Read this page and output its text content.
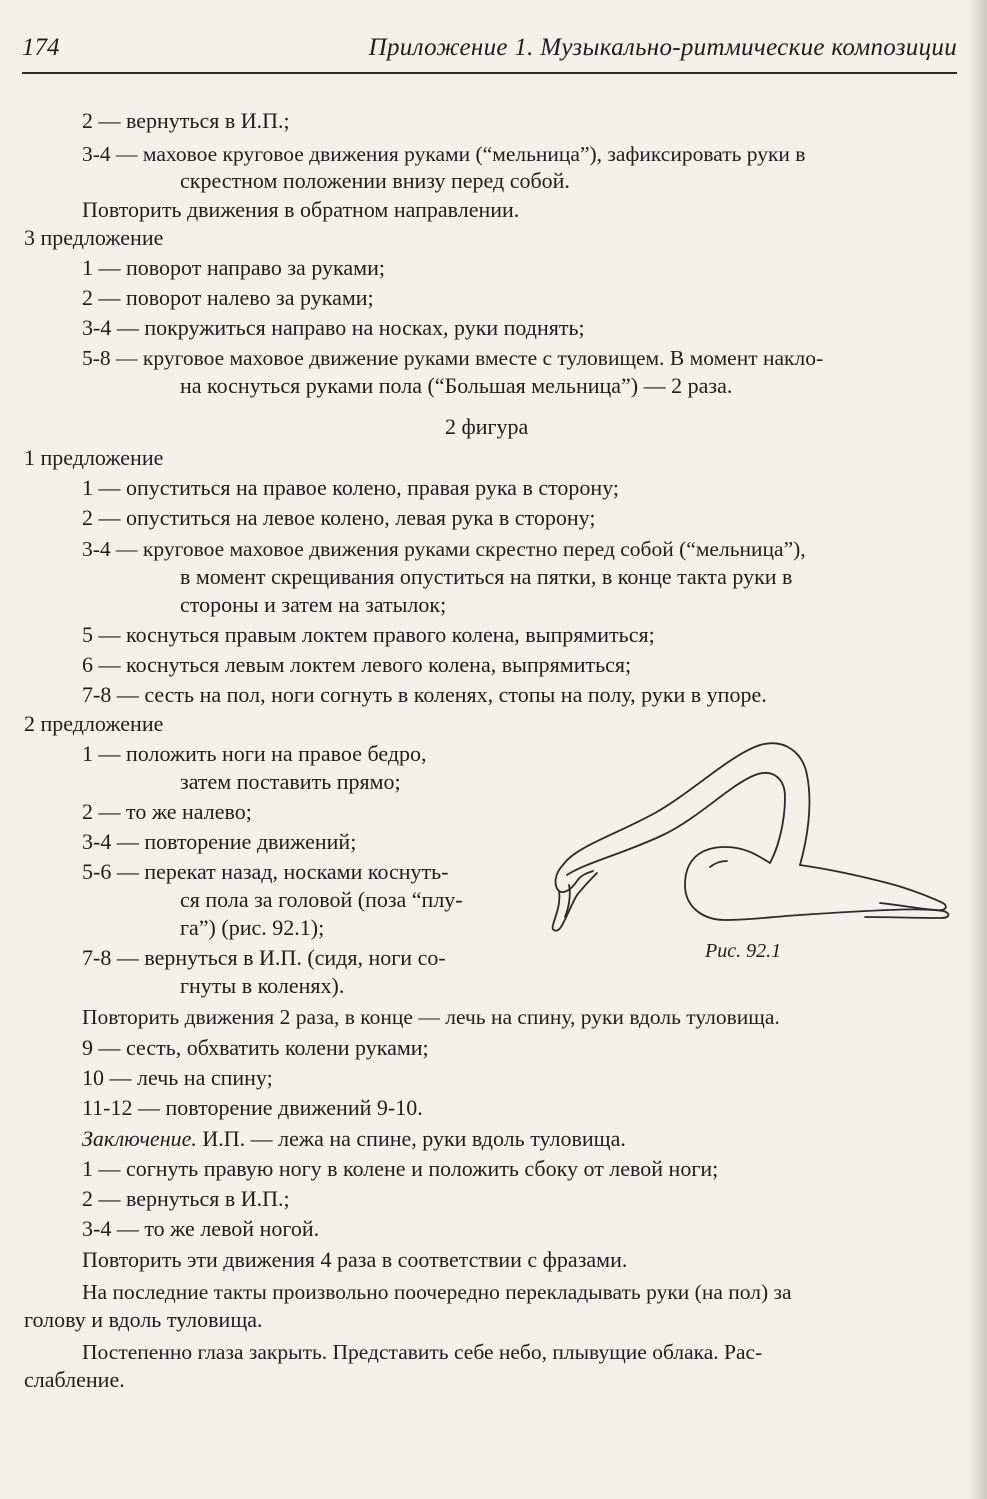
174	Приложение 1. Музыкально-ритмические композиции
2 — вернуться в И.П.;
3-4 — маховое круговое движения руками (“мельница”), зафиксировать руки в
скрестном положении внизу перед собой.
Повторить движения в обратном направлении.
3 предложение
1 — поворот направо за руками;
2 — поворот налево за руками;
3-4 — покружиться направо на носках, руки поднять;
5-8 — круговое маховое движение руками вместе с туловищем. В момент накло-
на коснуться руками пола (“Большая мельница”) — 2 раза.
2 фигура
1 предложение
1 — опуститься на правое колено, правая рука в сторону;
2 — опуститься на левое колено, левая рука в сторону;
3-4 — круговое маховое движения руками скрестно перед собой (“мельница”),
в момент скрещивания опуститься на пятки, в конце такта руки в
стороны и затем на затылок;
5 — коснуться правым локтем правого колена, выпрямиться;
6 — коснуться левым локтем левого колена, выпрямиться;
7-8 — сесть на пол, ноги согнуть в коленях, стопы на полу, руки в упоре.
2 предложение
1 — положить ноги на правое бедро,
затем поставить прямо;
2 — то же налево;
3-4 — повторение движений;
5-6 — перекат назад, носками коснуть-
ся пола за головой (поза “плу-
га”) (рис. 92.1);
7-8 — вернуться в И.П. (сидя, ноги со-
гнуты в коленях).
Повторить движения 2 раза, в конце — лечь на спину, руки вдоль туловища.
9 — сесть, обхватить колени руками;
10 — лечь на спину;
11-12 — повторение движений 9-10.
Заключение. И.П. — лежа на спине, руки вдоль туловища.
1 — согнуть правую ногу в колене и положить сбоку от левой ноги;
2 — вернуться в И.П.;
3-4 — то же левой ногой.
Повторить эти движения 4 раза в соответствии с фразами.
На последние такты произвольно поочередно перекладывать руки (на пол) за
голову и вдоль туловища.
Постепенно глаза закрыть. Представить себе небо, плывущие облака. Рас-
слабление.
Рис. 92.1
